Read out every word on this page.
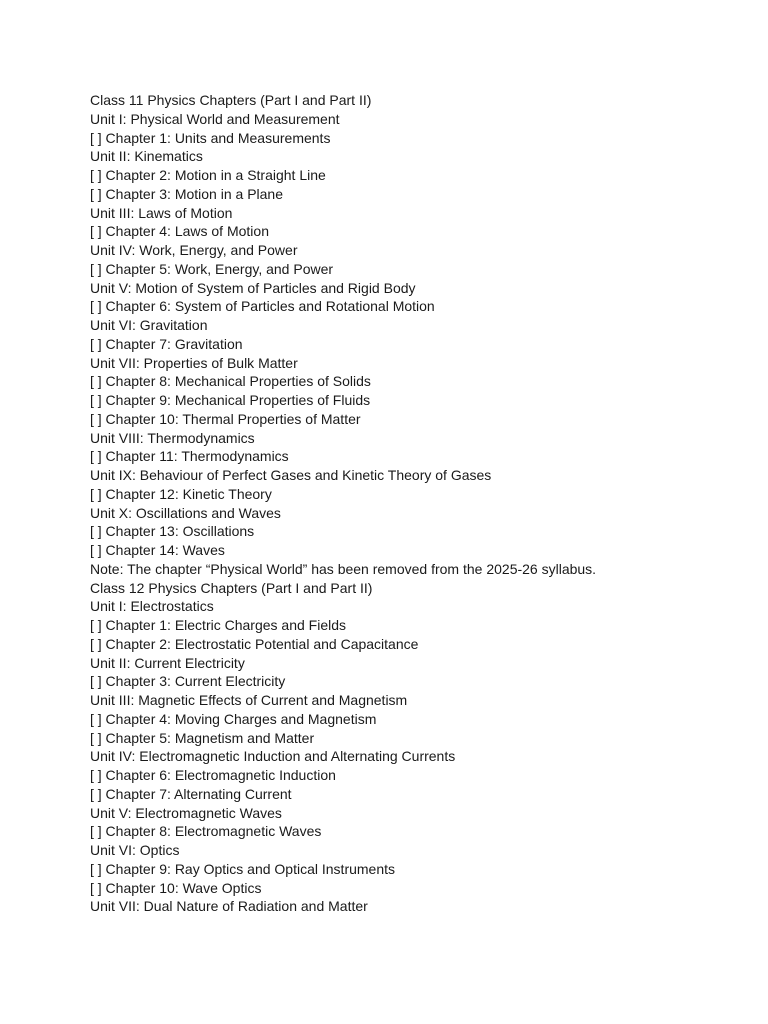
Class 11 Physics Chapters (Part I and Part II)

Unit I: Physical World and Measurement

[ ] Chapter 1: Units and Measurements

Unit II: Kinematics

[ ] Chapter 2: Motion in a Straight Line

[ ] Chapter 3: Motion in a Plane

Unit III: Laws of Motion

[ ] Chapter 4: Laws of Motion

Unit IV: Work, Energy, and Power

[ ] Chapter 5: Work, Energy, and Power

Unit V: Motion of System of Particles and Rigid Body

[ ] Chapter 6: System of Particles and Rotational Motion

Unit VI: Gravitation

[ ] Chapter 7: Gravitation

Unit VII: Properties of Bulk Matter

[ ] Chapter 8: Mechanical Properties of Solids

[ ] Chapter 9: Mechanical Properties of Fluids

[ ] Chapter 10: Thermal Properties of Matter

Unit VIII: Thermodynamics

[ ] Chapter 11: Thermodynamics

Unit IX: Behaviour of Perfect Gases and Kinetic Theory of Gases

[ ] Chapter 12: Kinetic Theory

Unit X: Oscillations and Waves

[ ] Chapter 13: Oscillations

[ ] Chapter 14: Waves

Note: The chapter “Physical World” has been removed from the 2025-26 syllabus.

Class 12 Physics Chapters (Part I and Part II)

Unit I: Electrostatics

[ ] Chapter 1: Electric Charges and Fields

[ ] Chapter 2: Electrostatic Potential and Capacitance

Unit II: Current Electricity

[ ] Chapter 3: Current Electricity

Unit III: Magnetic Effects of Current and Magnetism

[ ] Chapter 4: Moving Charges and Magnetism

[ ] Chapter 5: Magnetism and Matter

Unit IV: Electromagnetic Induction and Alternating Currents

[ ] Chapter 6: Electromagnetic Induction

[ ] Chapter 7: Alternating Current

Unit V: Electromagnetic Waves

[ ] Chapter 8: Electromagnetic Waves

Unit VI: Optics

[ ] Chapter 9: Ray Optics and Optical Instruments

[ ] Chapter 10: Wave Optics

Unit VII: Dual Nature of Radiation and Matter
